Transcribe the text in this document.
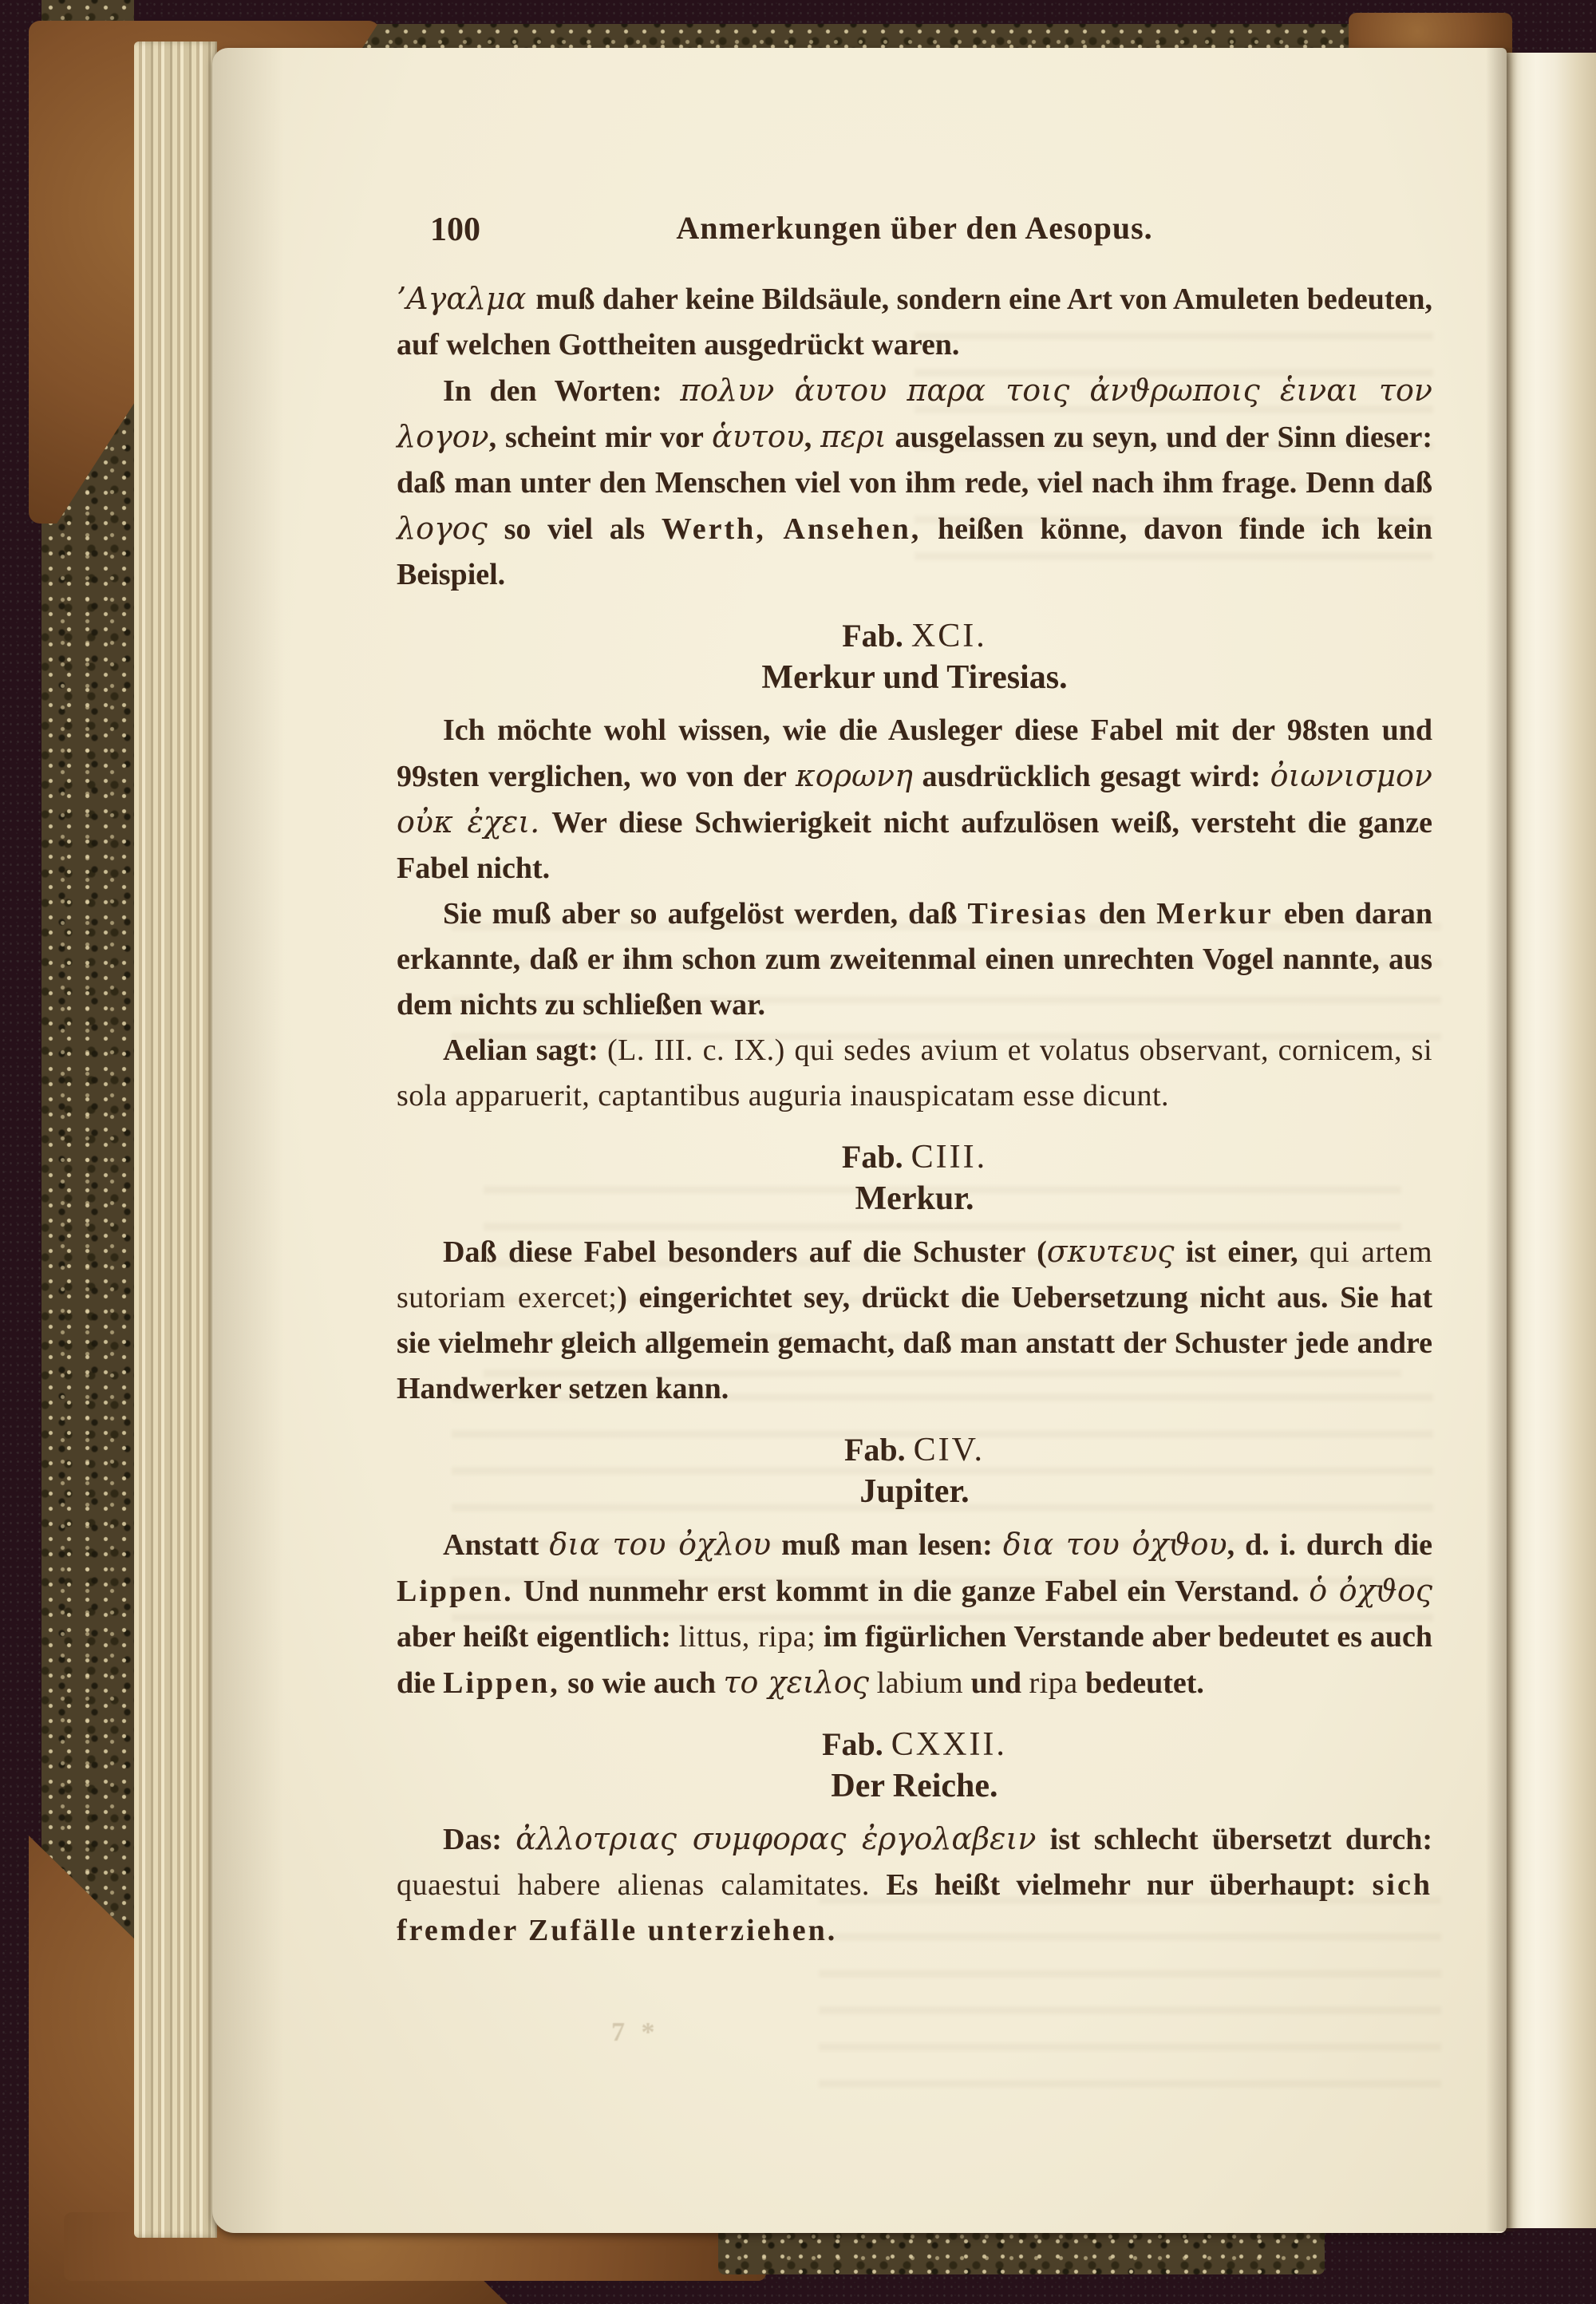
100	Anmerkungen über den Aesopus.

’Αγαλμα muß daher keine Bildsäule, sondern eine Art von Amuleten bedeuten, auf welchen Gottheiten ausgedrückt waren.

In den Worten: πολυν ἁυτου παρα τοις ἀνϑρωποις ἑιναι τον λογον, scheint mir vor ἁυτου, περι ausgelassen zu seyn, und der Sinn dieser: daß man unter den Menschen viel von ihm rede, viel nach ihm frage. Denn daß λογος so viel als Werth, Ansehen, heißen könne, davon finde ich kein Beispiel.

Fab. XCI.
Merkur und Tiresias.

Ich möchte wohl wissen, wie die Ausleger diese Fabel mit der 98sten und 99sten verglichen, wo von der κορωνη ausdrücklich gesagt wird: ὀιωνισμον οὐκ ἐχει. Wer diese Schwierigkeit nicht aufzulösen weiß, versteht die ganze Fabel nicht.

Sie muß aber so aufgelöst werden, daß Tiresias den Merkur eben daran erkannte, daß er ihm schon zum zweitenmal einen unrechten Vogel nannte, aus dem nichts zu schließen war.

Aelian sagt: (L. III. c. IX.) qui sedes avium et volatus observant, cornicem, si sola apparuerit, captantibus auguria inauspicatam esse dicunt.

Fab. CIII.
Merkur.

Daß diese Fabel besonders auf die Schuster (σκυτευς ist einer, qui artem sutoriam exercet;) eingerichtet sey, drückt die Uebersetzung nicht aus. Sie hat sie vielmehr gleich allgemein gemacht, daß man anstatt der Schuster jede andre Handwerker setzen kann.

Fab. CIV.
Jupiter.

Anstatt δια του ὀχλου muß man lesen: δια του ὀχϑου, d. i. durch die Lippen. Und nunmehr erst kommt in die ganze Fabel ein Verstand. ὁ ὀχϑος aber heißt eigentlich: littus, ripa; im figürlichen Verstande aber bedeutet es auch die Lippen, so wie auch το χειλος labium und ripa bedeutet.

Fab. CXXII.
Der Reiche.

Das: ἀλλοτριας συμφορας ἐργολαβειν ist schlecht übersetzt durch: quaestui habere alienas calamitates. Es heißt vielmehr nur überhaupt: sich fremder Zufälle unterziehen.

7 *
